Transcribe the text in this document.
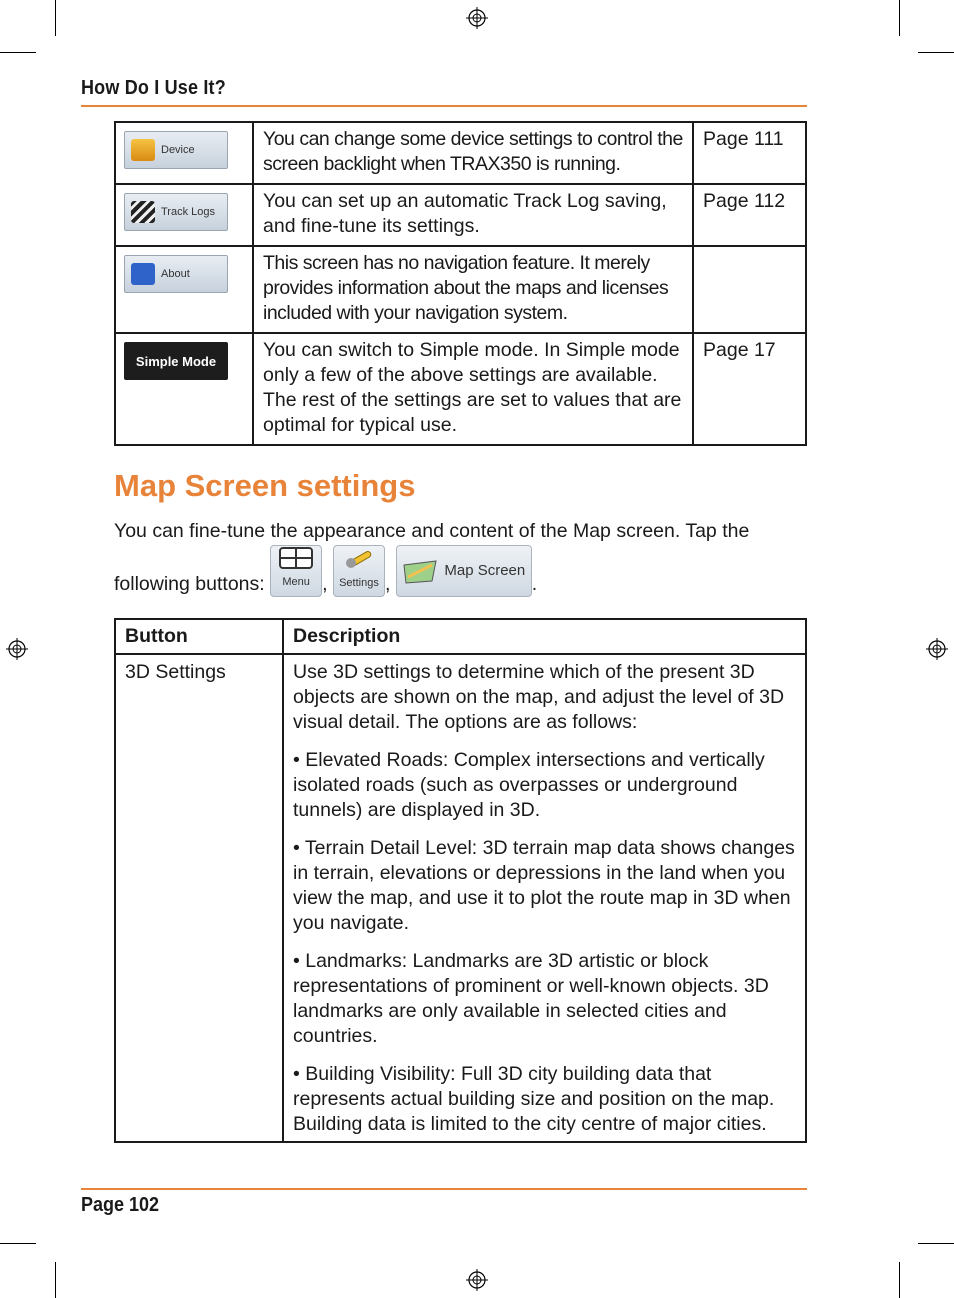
How Do I Use It?
Device	You can change some device settings to control the screen backlight when TRAX350 is running.	Page 111

Track Logs	You can set up an automatic Track Log saving, and fine-tune its settings.	Page 112

About	This screen has no navigation feature. It merely provides information about the maps and licenses included with your navigation system.	
Simple Mode	You can switch to Simple mode. In Simple mode only a few of the above settings are available. The rest of the settings are set to values that are optimal for typical use.	Page 17
Map Screen settings
You can fine-tune the appearance and content of the Map screen. Tap the
following buttons: Menu , Settings ,
Map Screen
.
Button	Description
3D Settings	Use 3D settings to determine which of the present 3D objects are shown on the map, and adjust the level of 3D visual detail. The options are as follows:

• Elevated Roads: Complex intersections and vertically isolated roads (such as overpasses or underground tunnels) are displayed in 3D.

• Terrain Detail Level: 3D terrain map data shows changes in terrain, elevations or depressions in the land when you view the map, and use it to plot the route map in 3D when you navigate.

• Landmarks: Landmarks are 3D artistic or block representations of prominent or well-known objects. 3D landmarks are only available in selected cities and countries.

• Building Visibility: Full 3D city building data that represents actual building size and position on the map. Building data is limited to the city centre of major cities.

Page 102
